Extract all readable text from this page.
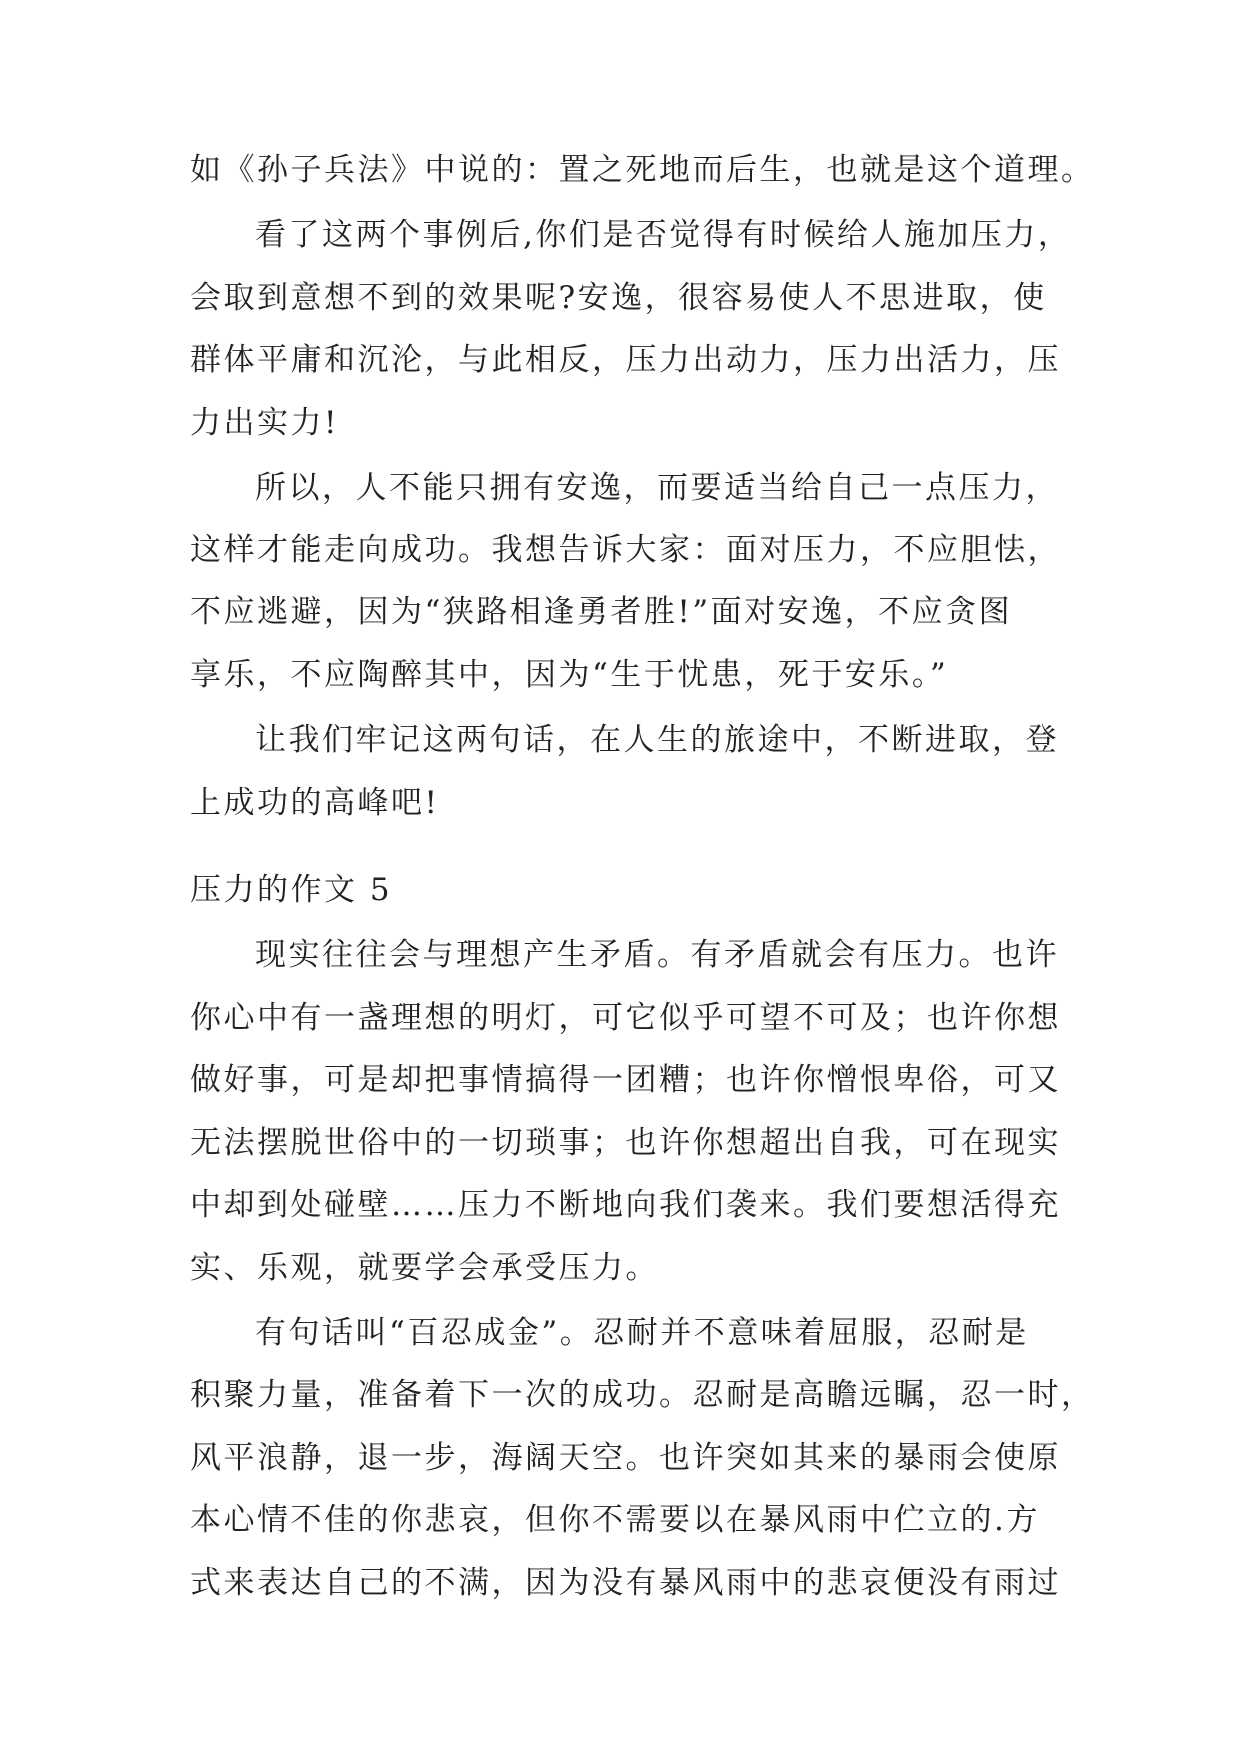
如《孙子兵法》中说的：置之死地而后生，也就是这个道理。
看了这两个事例后,你们是否觉得有时候给人施加压力，
会取到意想不到的效果呢?安逸，很容易使人不思进取，使
群体平庸和沉沦，与此相反，压力出动力，压力出活力，压
力出实力!
所以，人不能只拥有安逸，而要适当给自己一点压力，
这样才能走向成功。我想告诉大家：面对压力，不应胆怯，
不应逃避，因为“狭路相逢勇者胜!”面对安逸，不应贪图
享乐，不应陶醉其中，因为“生于忧患，死于安乐。”
让我们牢记这两句话，在人生的旅途中，不断进取，登
上成功的高峰吧!
压力的作文 5
现实往往会与理想产生矛盾。有矛盾就会有压力。也许
你心中有一盏理想的明灯，可它似乎可望不可及；也许你想
做好事，可是却把事情搞得一团糟；也许你憎恨卑俗，可又
无法摆脱世俗中的一切琐事；也许你想超出自我，可在现实
中却到处碰壁……压力不断地向我们袭来。我们要想活得充
实、乐观，就要学会承受压力。
有句话叫“百忍成金”。忍耐并不意味着屈服，忍耐是
积聚力量，准备着下一次的成功。忍耐是高瞻远瞩，忍一时，
风平浪静，退一步，海阔天空。也许突如其来的暴雨会使原
本心情不佳的你悲哀，但你不需要以在暴风雨中伫立的.方
式来表达自己的不满，因为没有暴风雨中的悲哀便没有雨过
